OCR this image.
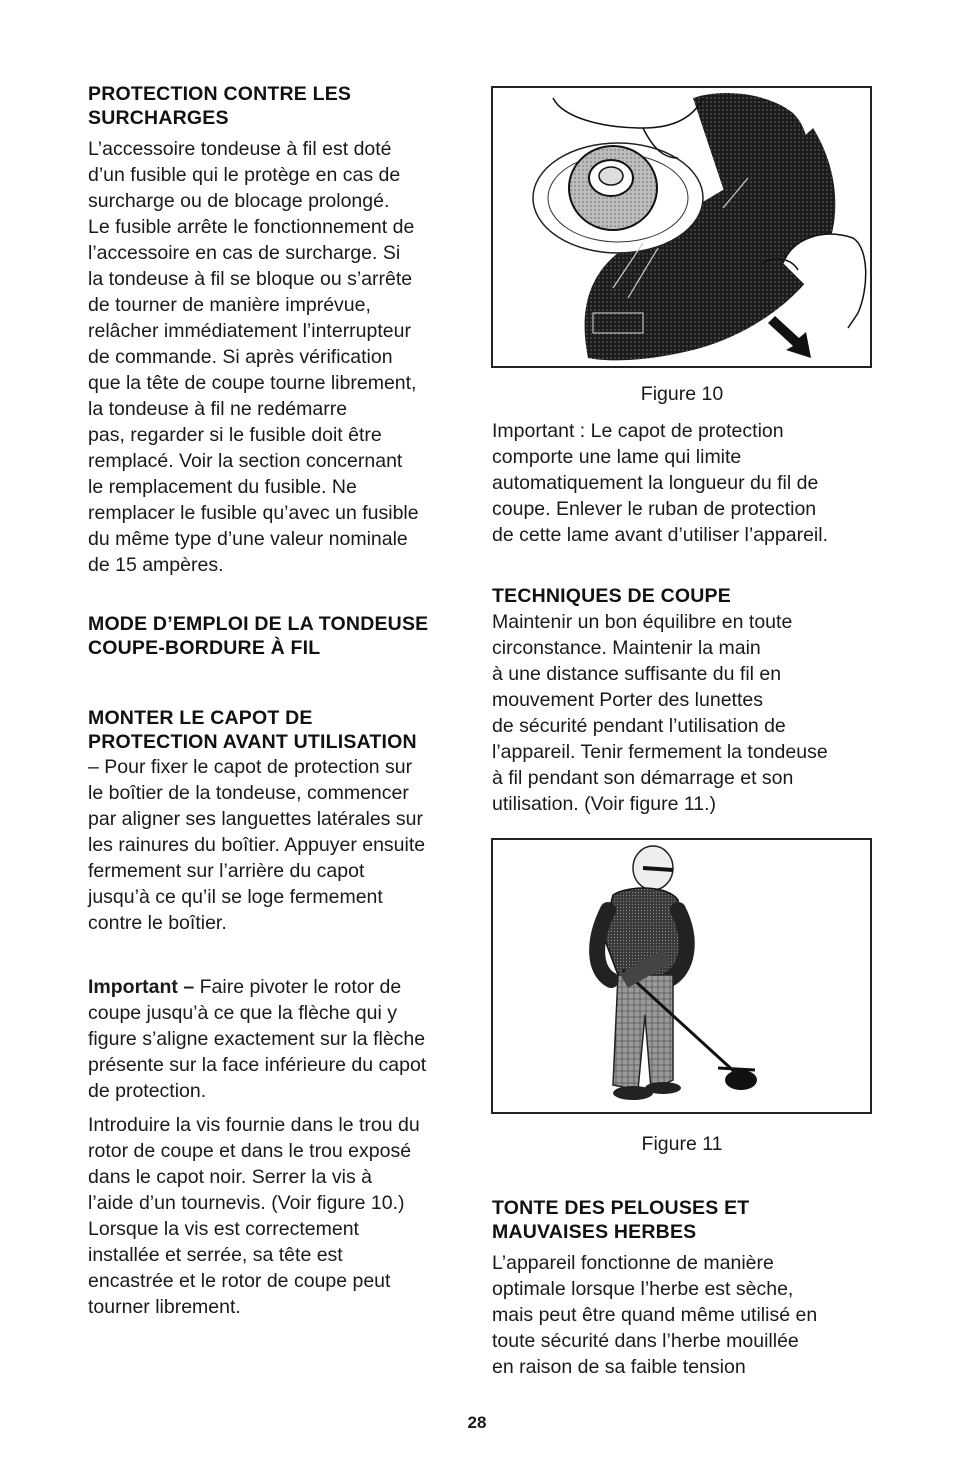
PROTECTION CONTRE LES
SURCHARGES

L’accessoire tondeuse à fil est doté
d’un fusible qui le protège en cas de
surcharge ou de blocage prolongé.
Le fusible arrête le fonctionnement de
l’accessoire en cas de surcharge. Si
la tondeuse à fil se bloque ou s’arrête
de tourner de manière imprévue,
relâcher immédiatement l’interrupteur
de commande. Si après vérification
que la tête de coupe tourne librement,
la tondeuse à fil ne redémarre
pas, regarder si le fusible doit être
remplacé. Voir la section concernant
le remplacement du fusible. Ne
remplacer le fusible qu’avec un fusible
du même type d’une valeur nominale
de 15 ampères.

MODE D’EMPLOI DE LA TONDEUSE
COUPE-BORDURE À FIL
MONTER LE CAPOT DE
PROTECTION AVANT UTILISATION

– Pour fixer le capot de protection sur
le boîtier de la tondeuse, commencer
par aligner ses languettes latérales sur
les rainures du boîtier. Appuyer ensuite
fermement sur l’arrière du capot
jusqu’à ce qu’il se loge fermement
contre le boîtier.

Important – Faire pivoter le rotor de
coupe jusqu’à ce que la flèche qui y
figure s’aligne exactement sur la flèche
présente sur la face inférieure du capot
de protection.

Introduire la vis fournie dans le trou du
rotor de coupe et dans le trou exposé
dans le capot noir. Serrer la vis à
l’aide d’un tournevis. (Voir figure 10.)
Lorsque la vis est correctement
installée et serrée, sa tête est
encastrée et le rotor de coupe peut
tourner librement.

Figure 10

Important : Le capot de protection
comporte une lame qui limite
automatiquement la longueur du fil de
coupe. Enlever le ruban de protection
de cette lame avant d’utiliser l’appareil.

TECHNIQUES DE COUPE

Maintenir un bon équilibre en toute
circonstance. Maintenir la main
à une distance suffisante du fil en
mouvement Porter des lunettes
de sécurité pendant l’utilisation de
l’appareil. Tenir fermement la tondeuse
à fil pendant son démarrage et son
utilisation. (Voir figure 11.)

Figure 11
TONTE DES PELOUSES ET
MAUVAISES HERBES

L’appareil fonctionne de manière
optimale lorsque l’herbe est sèche,
mais peut être quand même utilisé en
toute sécurité dans l’herbe mouillée
en raison de sa faible tension

28
